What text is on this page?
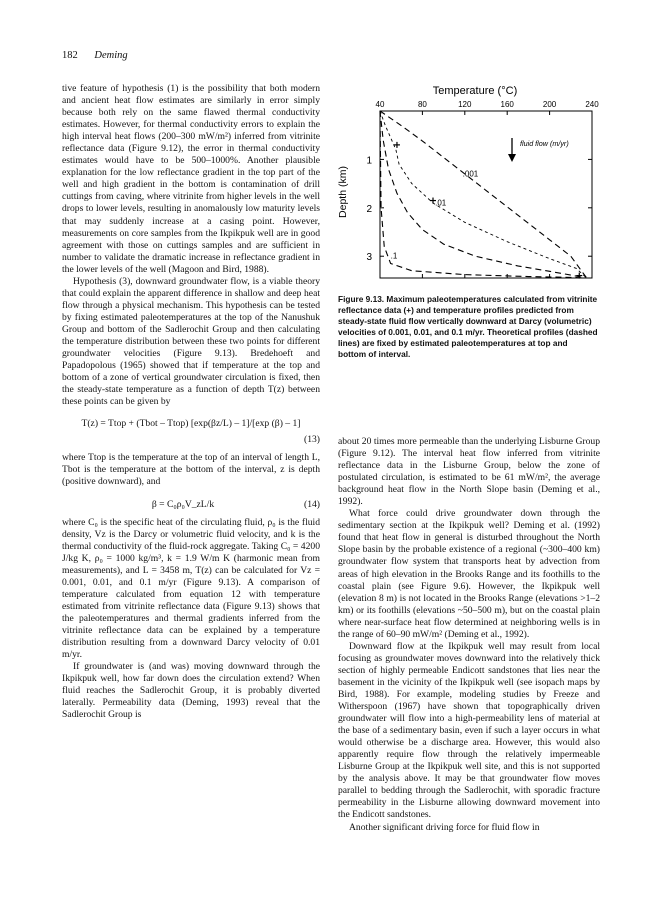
182 Deming

tive feature of hypothesis (1) is the possibility that both modern and ancient heat flow estimates are similarly in error simply because both rely on the same flawed thermal conductivity estimates. However, for thermal conductivity errors to explain the high interval heat flows (200–300 mW/m²) inferred from vitrinite reflectance data (Figure 9.12), the error in thermal conductivity estimates would have to be 500–1000%. Another plausible explanation for the low reflectance gradient in the top part of the well and high gradient in the bottom is contamination of drill cuttings from caving, where vitrinite from higher levels in the well drops to lower levels, resulting in anomalously low maturity levels that may suddenly increase at a casing point. However, measurements on core samples from the Ikpikpuk well are in good agreement with those on cuttings samples and are sufficient in number to validate the dramatic increase in reflectance gradient in the lower levels of the well (Magoon and Bird, 1988).

Hypothesis (3), downward groundwater flow, is a viable theory that could explain the apparent difference in shallow and deep heat flow through a physical mechanism. This hypothesis can be tested by fixing estimated paleotemperatures at the top of the Nanushuk Group and bottom of the Sadlerochit Group and then calculating the temperature distribution between these two points for different groundwater velocities (Figure 9.13). Bredehoeft and Papadopolous (1965) showed that if temperature at the top and bottom of a zone of vertical groundwater circulation is fixed, then the steady-state temperature as a function of depth T(z) between these points can be given by

T(z) = Ttop + (Tbot – Ttop) [exp(βz/L) – 1]/[exp (β) – 1]
(13)

where Ttop is the temperature at the top of an interval of length L, Tbot is the temperature at the bottom of the interval, z is depth (positive downward), and

β = C₀ρ₀V_zL/k	(14)

where C₀ is the specific heat of the circulating fluid, ρ₀ is the fluid density, Vz is the Darcy or volumetric fluid velocity, and k is the thermal conductivity of the fluid-rock aggregate. Taking C₀ = 4200 J/kg K, ρ₀ = 1000 kg/m³, k = 1.9 W/m K (harmonic mean from measurements), and L = 3458 m, T(z) can be calculated for Vz = 0.001, 0.01, and 0.1 m/yr (Figure 9.13). A comparison of temperature calculated from equation 12 with temperature estimated from vitrinite reflectance data (Figure 9.13) shows that the paleotemperatures and thermal gradients inferred from the vitrinite reflectance data can be explained by a temperature distribution resulting from a downward Darcy velocity of 0.01 m/yr.

If groundwater is (and was) moving downward through the Ikpikpuk well, how far down does the circulation extend? When fluid reaches the Sadlerochit Group, it is probably diverted laterally. Permeability data (Deming, 1993) reveal that the Sadlerochit Group is

Temperature (°C)
Depth (km)
40	80	120	160	200	240
1
2
3
.001
.01
.1
fluid flow (m/yr)
Figure 9.13. Maximum paleotemperatures calculated from vitrinite reflectance data (+) and temperature profiles predicted from steady-state fluid flow vertically downward at Darcy (volumetric) velocities of 0.001, 0.01, and 0.1 m/yr. Theoretical profiles (dashed lines) are fixed by estimated paleotemperatures at top and bottom of interval.

about 20 times more permeable than the underlying Lisburne Group (Figure 9.12). The interval heat flow inferred from vitrinite reflectance data in the Lisburne Group, below the zone of postulated circulation, is estimated to be 61 mW/m², the average background heat flow in the North Slope basin (Deming et al., 1992).

What force could drive groundwater down through the sedimentary section at the Ikpikpuk well? Deming et al. (1992) found that heat flow in general is disturbed throughout the North Slope basin by the probable existence of a regional (~300–400 km) groundwater flow system that transports heat by advection from areas of high elevation in the Brooks Range and its foothills to the coastal plain (see Figure 9.6). However, the Ikpikpuk well (elevation 8 m) is not located in the Brooks Range (elevations >1–2 km) or its foothills (elevations ~50–500 m), but on the coastal plain where near-surface heat flow determined at neighboring wells is in the range of 60–90 mW/m² (Deming et al., 1992).

Downward flow at the Ikpikpuk well may result from local focusing as groundwater moves downward into the relatively thick section of highly permeable Endicott sandstones that lies near the basement in the vicinity of the Ikpikpuk well (see isopach maps by Bird, 1988). For example, modeling studies by Freeze and Witherspoon (1967) have shown that topographically driven groundwater will flow into a high-permeability lens of material at the base of a sedimentary basin, even if such a layer occurs in what would otherwise be a discharge area. However, this would also apparently require flow through the relatively impermeable Lisburne Group at the Ikpikpuk well site, and this is not supported by the analysis above. It may be that groundwater flow moves parallel to bedding through the Sadlerochit, with sporadic fracture permeability in the Lisburne allowing downward movement into the Endicott sandstones.

Another significant driving force for fluid flow in
